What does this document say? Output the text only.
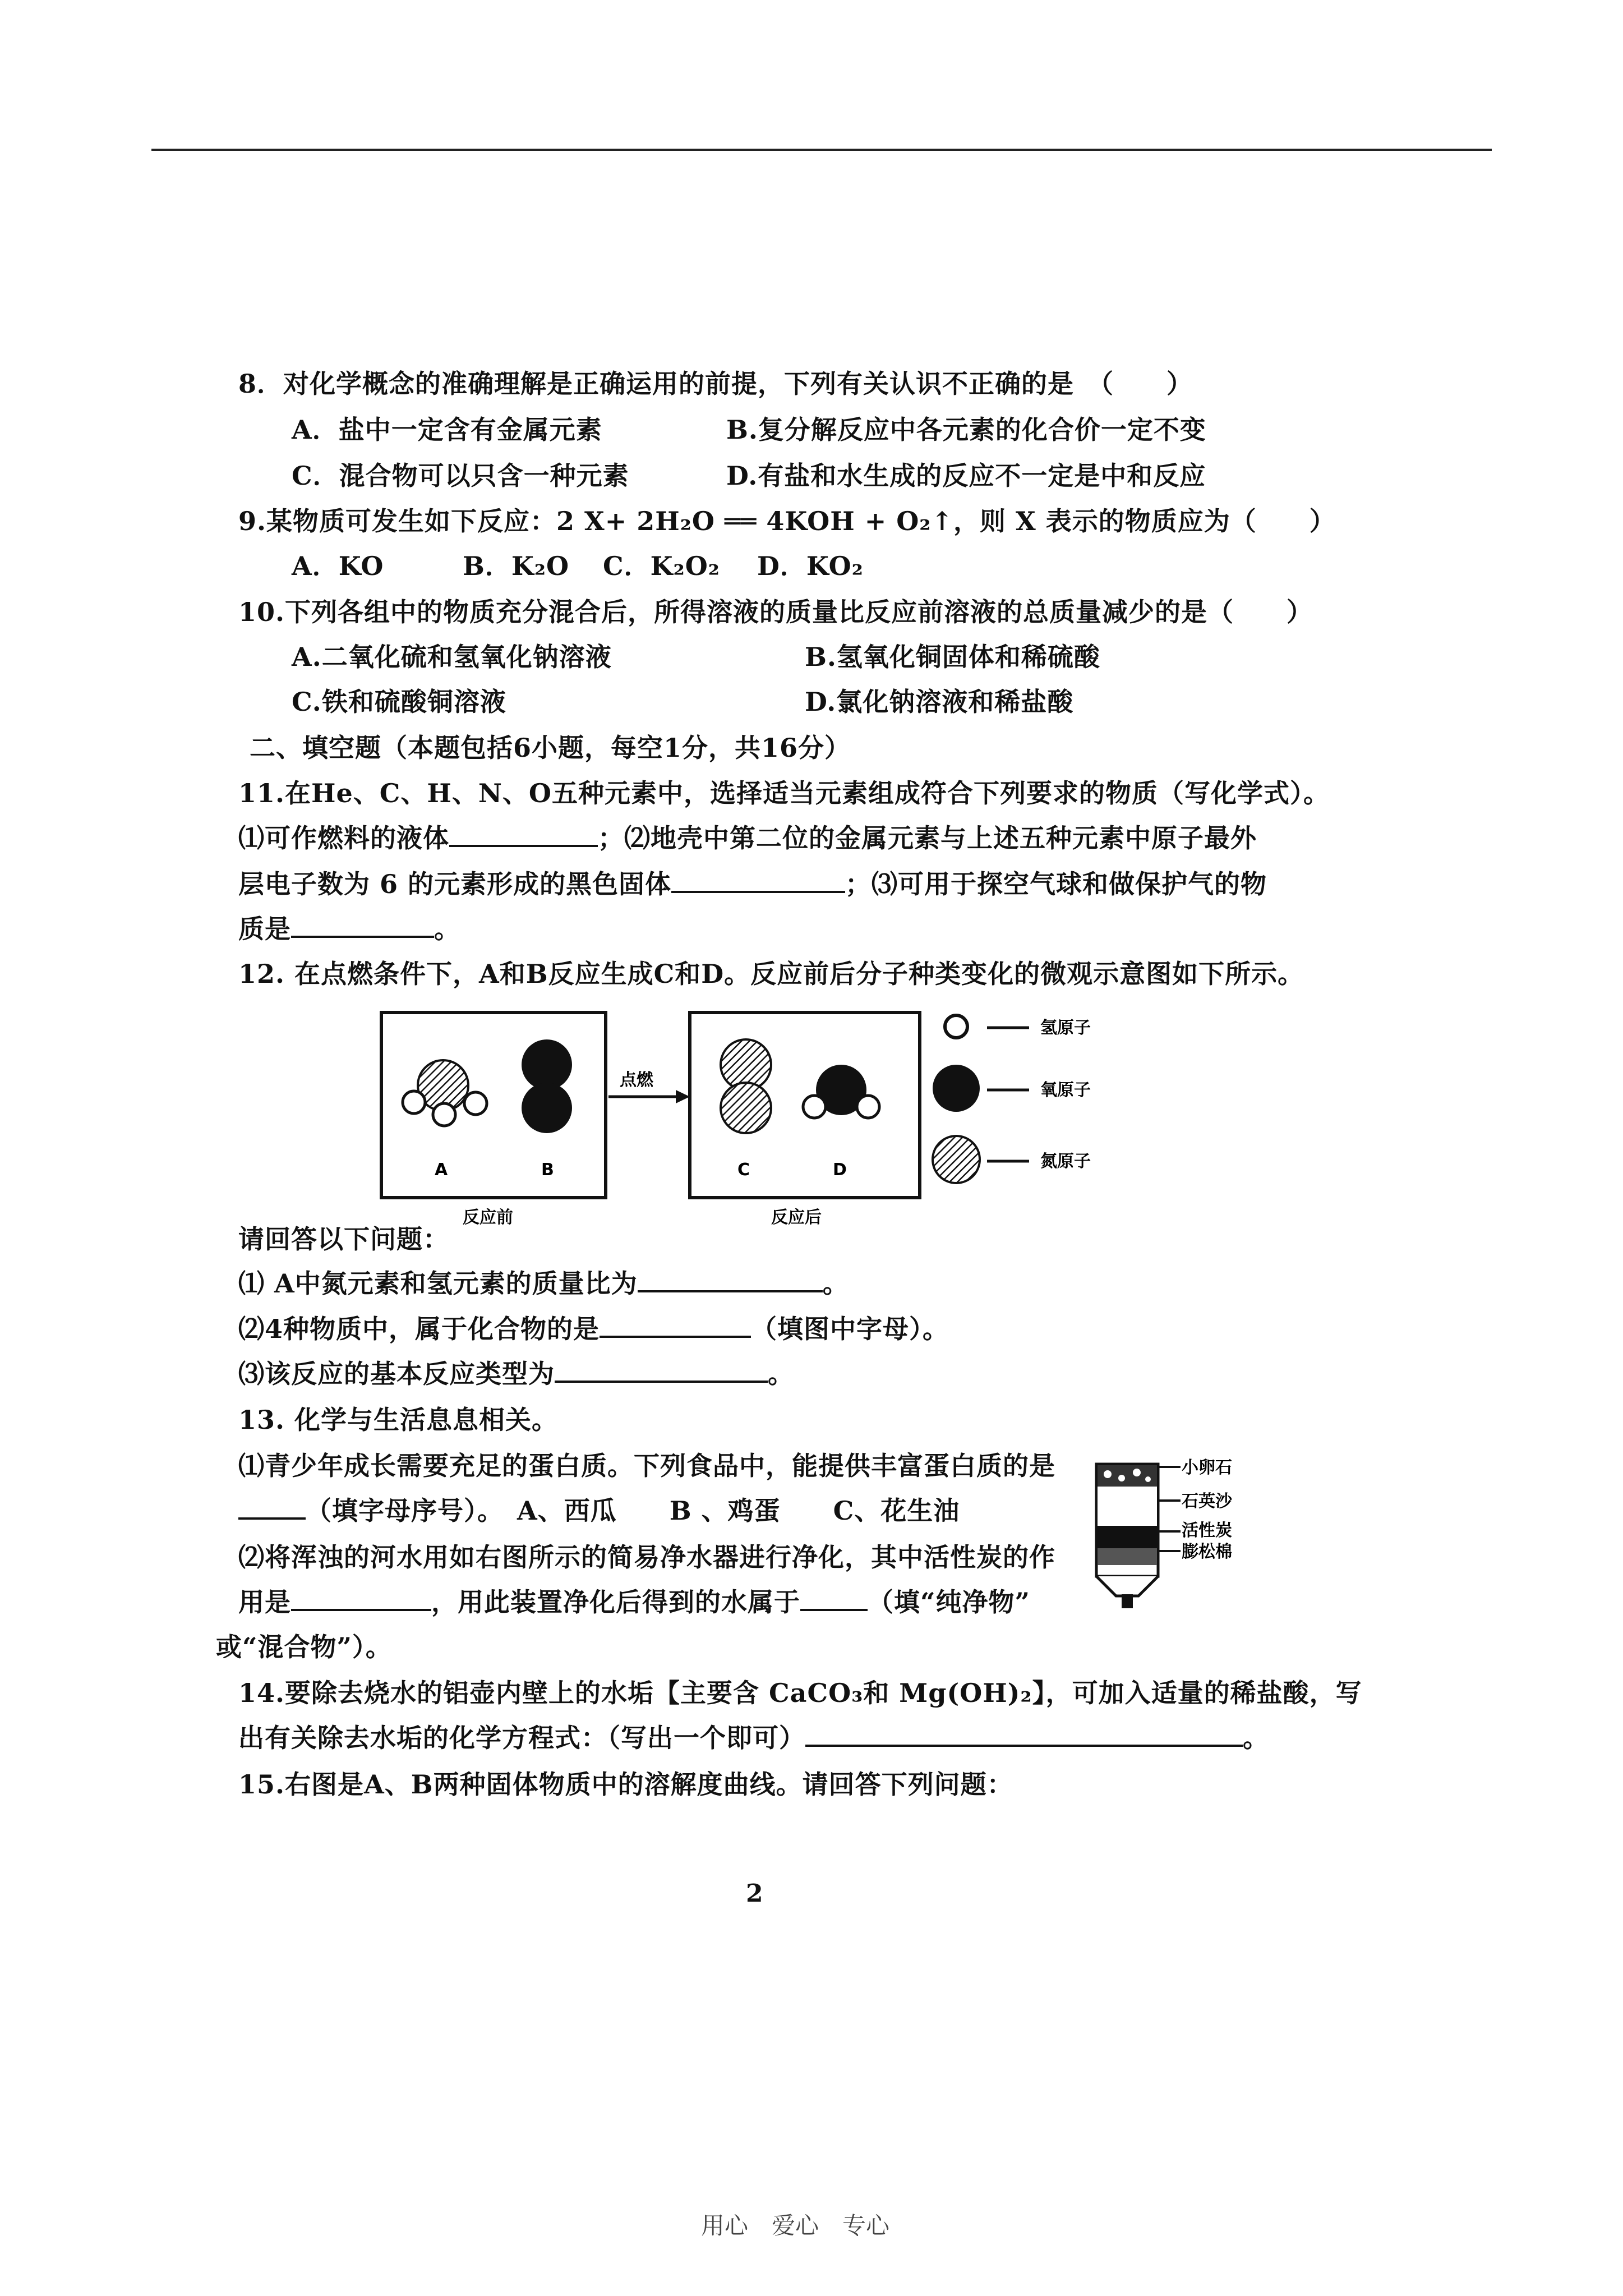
8．对化学概念的准确理解是正确运用的前提，下列有关认识不正确的是　（　　）
A．盐中一定含有金属元素	B.复分解反应中各元素的化合价一定不变
C．混合物可以只含一种元素	D.有盐和水生成的反应不一定是中和反应
9.某物质可发生如下反应：2 X+ 2H₂O ══ 4KOH + O₂↑，则 X 表示的物质应为（　　）
A．KO	B．K₂O C．K₂O₂ D．KO₂
10.下列各组中的物质充分混合后，所得溶液的质量比反应前溶液的总质量减少的是（　　）
A.二氧化硫和氢氧化钠溶液	B.氢氧化铜固体和稀硫酸
C.铁和硫酸铜溶液	D.氯化钠溶液和稀盐酸
二、填空题（本题包括6小题，每空1分，共16分）
11.在He、C、H、N、O五种元素中，选择适当元素组成符合下列要求的物质（写化学式）。
⑴可作燃料的液体	；⑵地壳中第二位的金属元素与上述五种元素中原子最外
层电子数为 6 的元素形成的黑色固体	；⑶可用于探空气球和做保护气的物
质是	。
12. 在点燃条件下，A和B反应生成C和D。反应前后分子种类变化的微观示意图如下所示。
A	B
反应前
点燃
C	D
反应后
氢原子
氧原子
氮原子
请回答以下问题：
⑴ A中氮元素和氢元素的质量比为	。
⑵4种物质中，属于化合物的是	（填图中字母）。
⑶该反应的基本反应类型为	。
13. 化学与生活息息相关。
⑴青少年成长需要充足的蛋白质。下列食品中，能提供丰富蛋白质的是
（填字母序号）。　A、西瓜　　B 、鸡蛋　　C、花生油
⑵将浑浊的河水用如右图所示的简易净水器进行净化，其中活性炭的作
用是	，用此装置净化后得到的水属于	（填“纯净物”
或“混合物”）。
小卵石
石英沙
活性炭
膨松棉
14.要除去烧水的铝壶内壁上的水垢【主要含 CaCO₃和 Mg(OH)₂】，可加入适量的稀盐酸，写
出有关除去水垢的化学方程式：（写出一个即可）	。
15.右图是A、B两种固体物质中的溶解度曲线。请回答下列问题：
2
用心　爱心　专心
